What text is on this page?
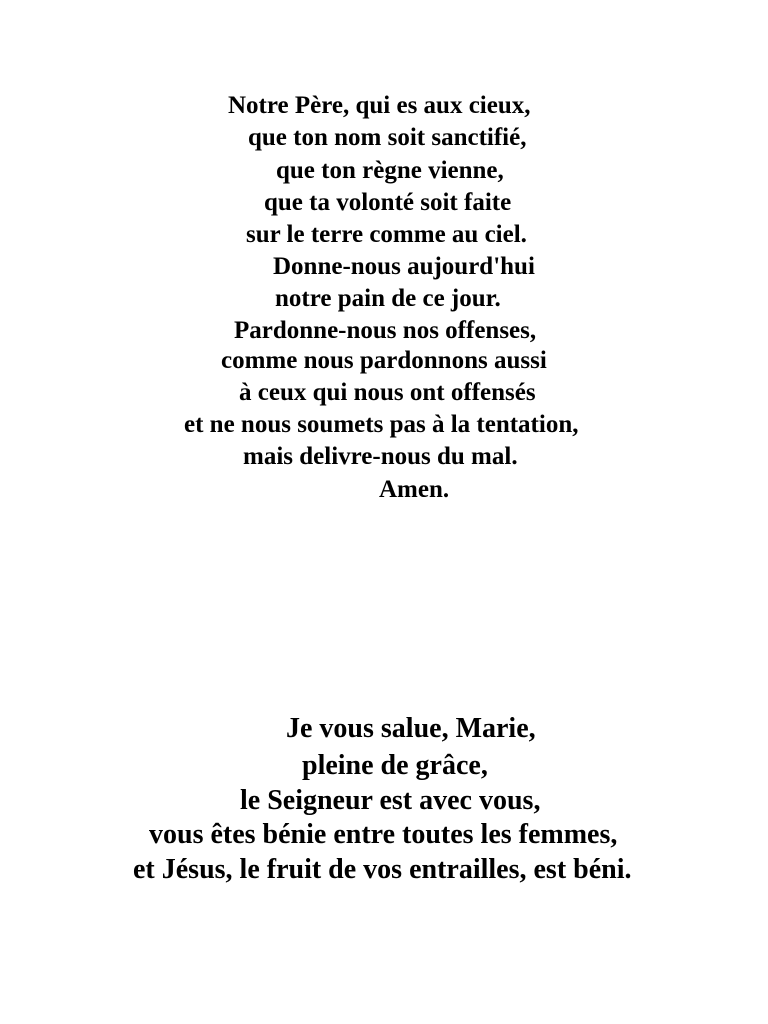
Notre Père, qui es aux cieux,

que ton nom soit sanctifié,

que ton règne vienne,

que ta volonté soit faite

sur le terre comme au ciel.

Donne-nous aujourd'hui

notre pain de ce jour.

Pardonne-nous nos offenses,

comme nous pardonnons aussi

à ceux qui nous ont offensés

et ne nous soumets pas à la tentation,

mais delivre-nous du mal.

Amen.

Je vous salue, Marie,

pleine de grâce,

le Seigneur est avec vous,

vous êtes bénie entre toutes les femmes,

et Jésus, le fruit de vos entrailles, est béni.
